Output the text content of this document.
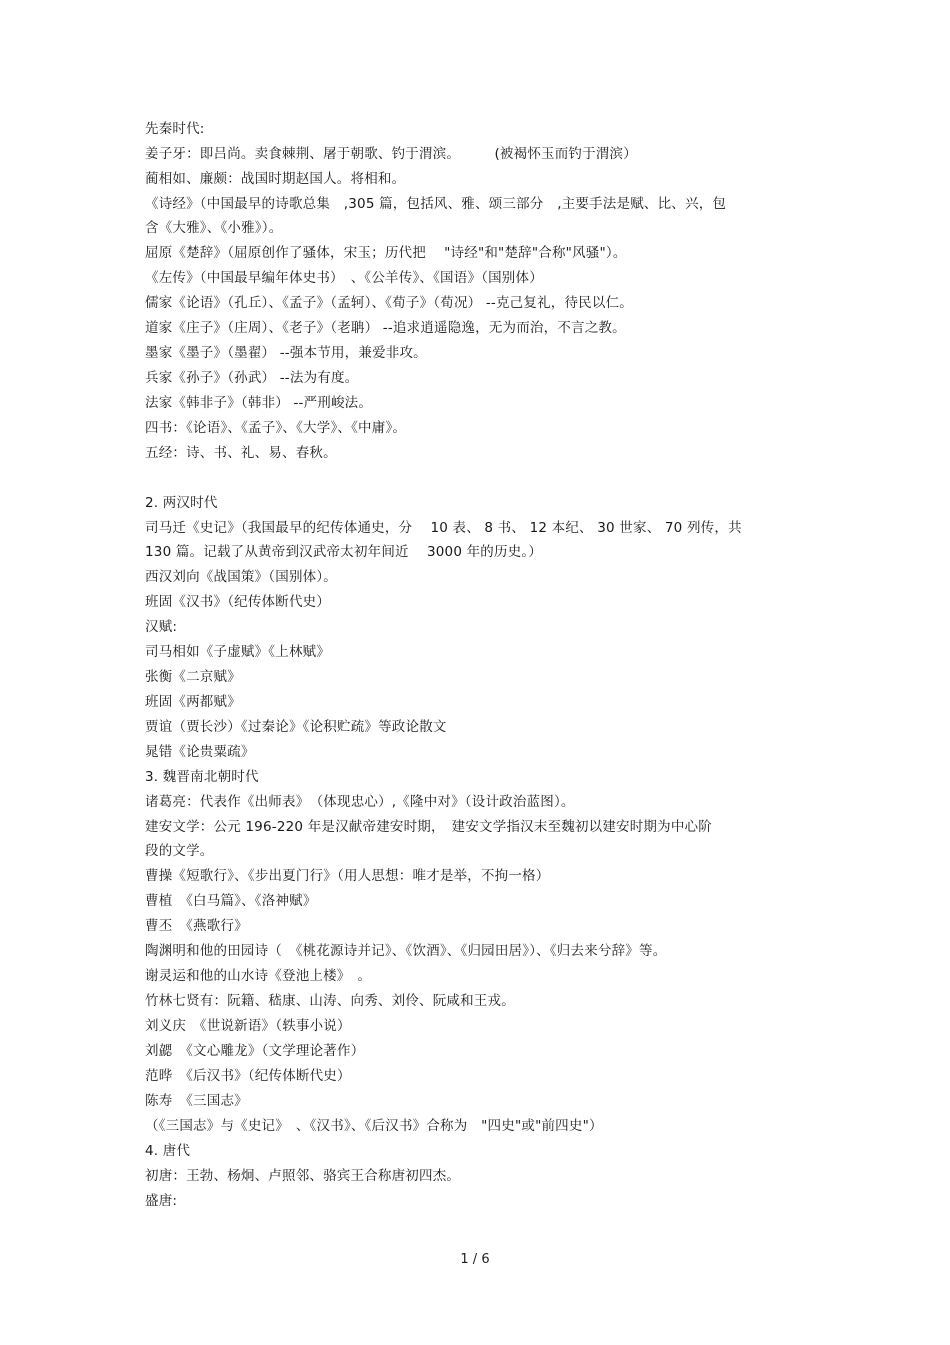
先秦时代:
姜子牙：即吕尚。卖食棘荆、屠于朝歌、钓于渭滨。　　　(被褐怀玉而钓于渭滨）
蔺相如、廉颇：战国时期赵国人。将相和。
《诗经》（中国最早的诗歌总集　,305 篇，包括风、雅、颂三部分　,主要手法是赋、比、兴，包
含《大雅》、《小雅》）。
屈原《楚辞》（屈原创作了骚体，宋玉；历代把　 "诗经"和"楚辞"合称"风骚"）。
《左传》（中国最早编年体史书）　、《公羊传》、《国语》（国别体）
儒家《论语》（孔丘）、《孟子》（孟轲）、《荀子》（荀况） --克己复礼，待民以仁。
道家《庄子》（庄周）、《老子》（老聃） --追求逍遥隐逸，无为而治，不言之教。
墨家《墨子》（墨翟） --强本节用，兼爱非攻。
兵家《孙子》（孙武） --法为有度。
法家《韩非子》（韩非） --严刑峻法。
四书：《论语》、《孟子》、《大学》、《中庸》。
五经：诗、书、礼、易、春秋。
2. 两汉时代
司马迁《史记》（我国最早的纪传体通史，分　 10 表、 8 书、 12 本纪、 30 世家、 70 列传，共
130 篇。记载了从黄帝到汉武帝太初年间近　 3000 年的历史。）
西汉刘向《战国策》（国别体）。
班固《汉书》（纪传体断代史）
汉赋:
司马相如《子虚赋》《上林赋》
张衡《二京赋》
班固《两都赋》
贾谊（贾长沙）《过秦论》《论积贮疏》等政论散文
晁错《论贵粟疏》
3. 魏晋南北朝时代
诸葛亮：代表作《出师表》　（体现忠心）,《隆中对》（设计政治蓝图）。
建安文学：公元 196-220 年是汉献帝建安时期，　建安文学指汉末至魏初以建安时期为中心阶
段的文学。
曹操《短歌行》、《步出夏门行》（用人思想：唯才是举，不拘一格）
曹植　《白马篇》、《洛神赋》
曹丕　《燕歌行》
陶渊明和他的田园诗（　《桃花源诗并记》、《饮酒》、《归园田居》）、《归去来兮辞》等。
谢灵运和他的山水诗《登池上楼》　。
竹林七贤有：阮籍、嵇康、山涛、向秀、刘伶、阮咸和王戎。
刘义庆　《世说新语》（轶事小说）
刘勰　《文心雕龙》（文学理论著作）
范晔　《后汉书》（纪传体断代史）
陈寿　《三国志》
（《三国志》与《史记》　、《汉书》、《后汉书》合称为　"四史"或"前四史"）
4. 唐代
初唐：王勃、杨炯、卢照邻、骆宾王合称唐初四杰。
盛唐:
1 / 6
